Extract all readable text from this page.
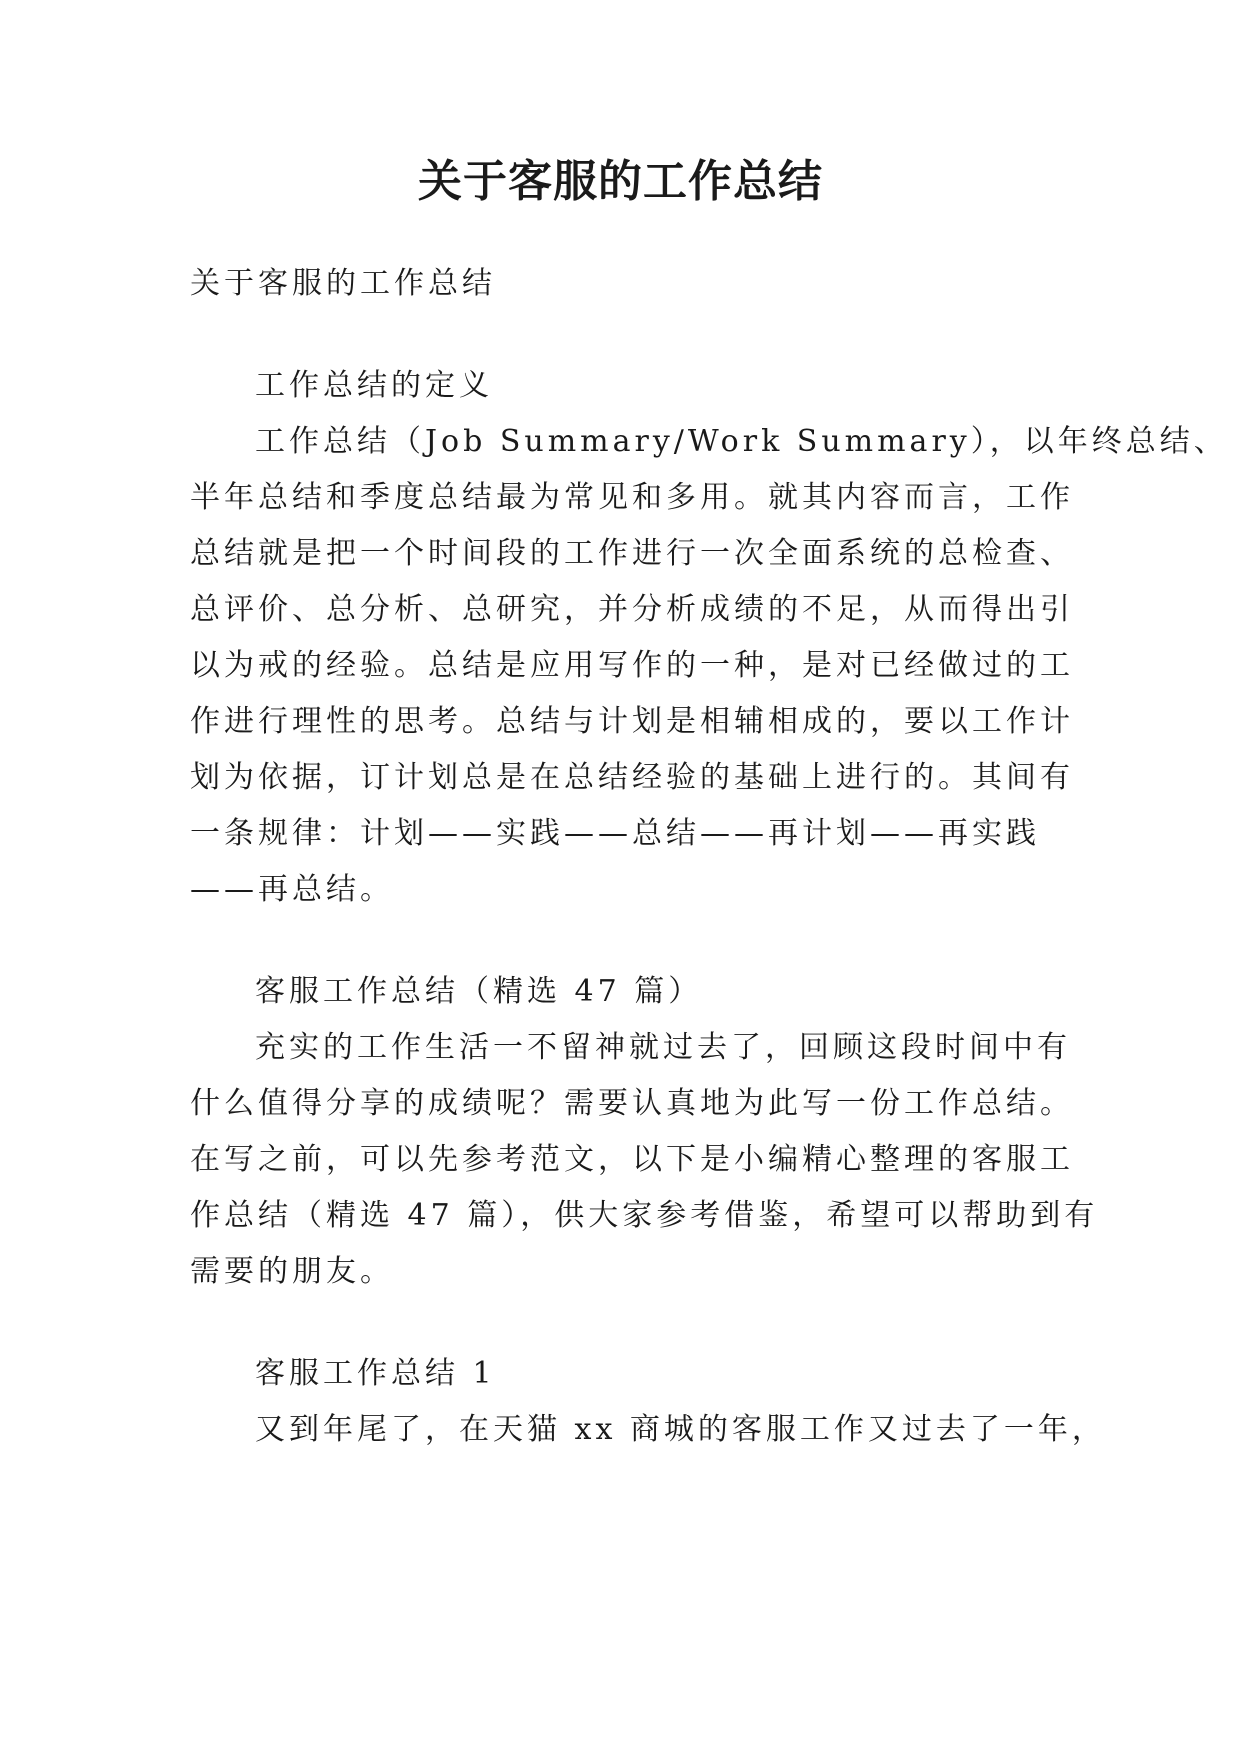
关于客服的工作总结
关于客服的工作总结
工作总结的定义
工作总结（Job Summary/Work Summary），以年终总结、
半年总结和季度总结最为常见和多用。就其内容而言，工作
总结就是把一个时间段的工作进行一次全面系统的总检查、
总评价、总分析、总研究，并分析成绩的不足，从而得出引
以为戒的经验。总结是应用写作的一种，是对已经做过的工
作进行理性的思考。总结与计划是相辅相成的，要以工作计
划为依据，订计划总是在总结经验的基础上进行的。其间有
一条规律：计划——实践——总结——再计划——再实践
——再总结。
客服工作总结（精选 47 篇）
充实的工作生活一不留神就过去了，回顾这段时间中有
什么值得分享的成绩呢？需要认真地为此写一份工作总结。
在写之前，可以先参考范文，以下是小编精心整理的客服工
作总结（精选 47 篇），供大家参考借鉴，希望可以帮助到有
需要的朋友。
客服工作总结 1
又到年尾了，在天猫 xx 商城的客服工作又过去了一年，
